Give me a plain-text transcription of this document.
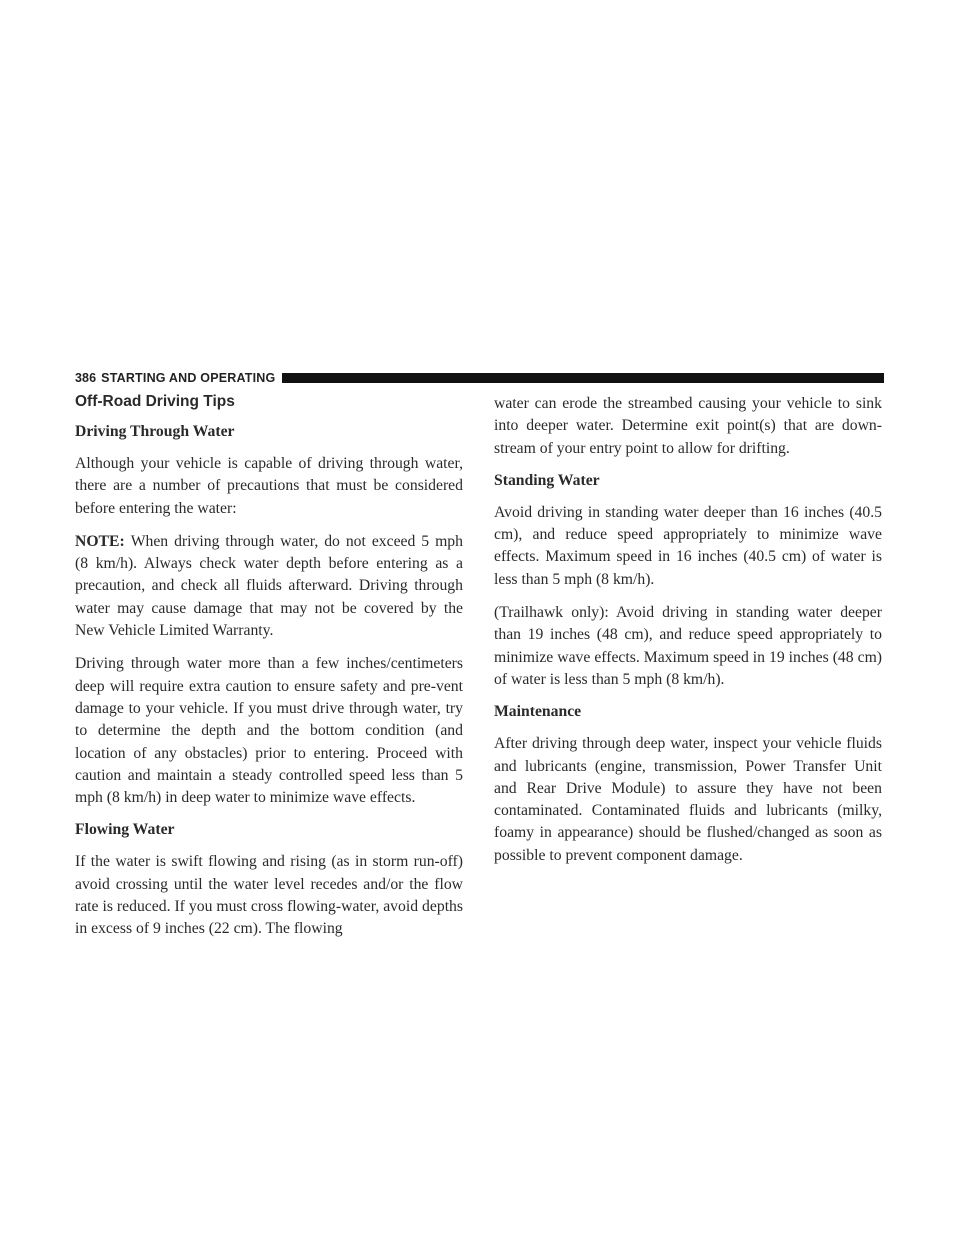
386 STARTING AND OPERATING
Off-Road Driving Tips
Driving Through Water

Although your vehicle is capable of driving through water, there are a number of precautions that must be considered before entering the water:

NOTE: When driving through water, do not exceed 5 mph (8 km/h). Always check water depth before entering as a precaution, and check all fluids afterward. Driving through water may cause damage that may not be covered by the New Vehicle Limited Warranty.

Driving through water more than a few inches/centimeters deep will require extra caution to ensure safety and pre-vent damage to your vehicle. If you must drive through water, try to determine the depth and the bottom condition (and location of any obstacles) prior to entering. Proceed with caution and maintain a steady controlled speed less than 5 mph (8 km/h) in deep water to minimize wave effects.

Flowing Water

If the water is swift flowing and rising (as in storm run-off) avoid crossing until the water level recedes and/or the flow rate is reduced. If you must cross flowing-water, avoid depths in excess of 9 inches (22 cm). The flowing

water can erode the streambed causing your vehicle to sink into deeper water. Determine exit point(s) that are down-stream of your entry point to allow for drifting.

Standing Water

Avoid driving in standing water deeper than 16 inches (40.5 cm), and reduce speed appropriately to minimize wave effects. Maximum speed in 16 inches (40.5 cm) of water is less than 5 mph (8 km/h).

(Trailhawk only): Avoid driving in standing water deeper than 19 inches (48 cm), and reduce speed appropriately to minimize wave effects. Maximum speed in 19 inches (48 cm) of water is less than 5 mph (8 km/h).

Maintenance

After driving through deep water, inspect your vehicle fluids and lubricants (engine, transmission, Power Transfer Unit and Rear Drive Module) to assure they have not been contaminated. Contaminated fluids and lubricants (milky, foamy in appearance) should be flushed/changed as soon as possible to prevent component damage.
